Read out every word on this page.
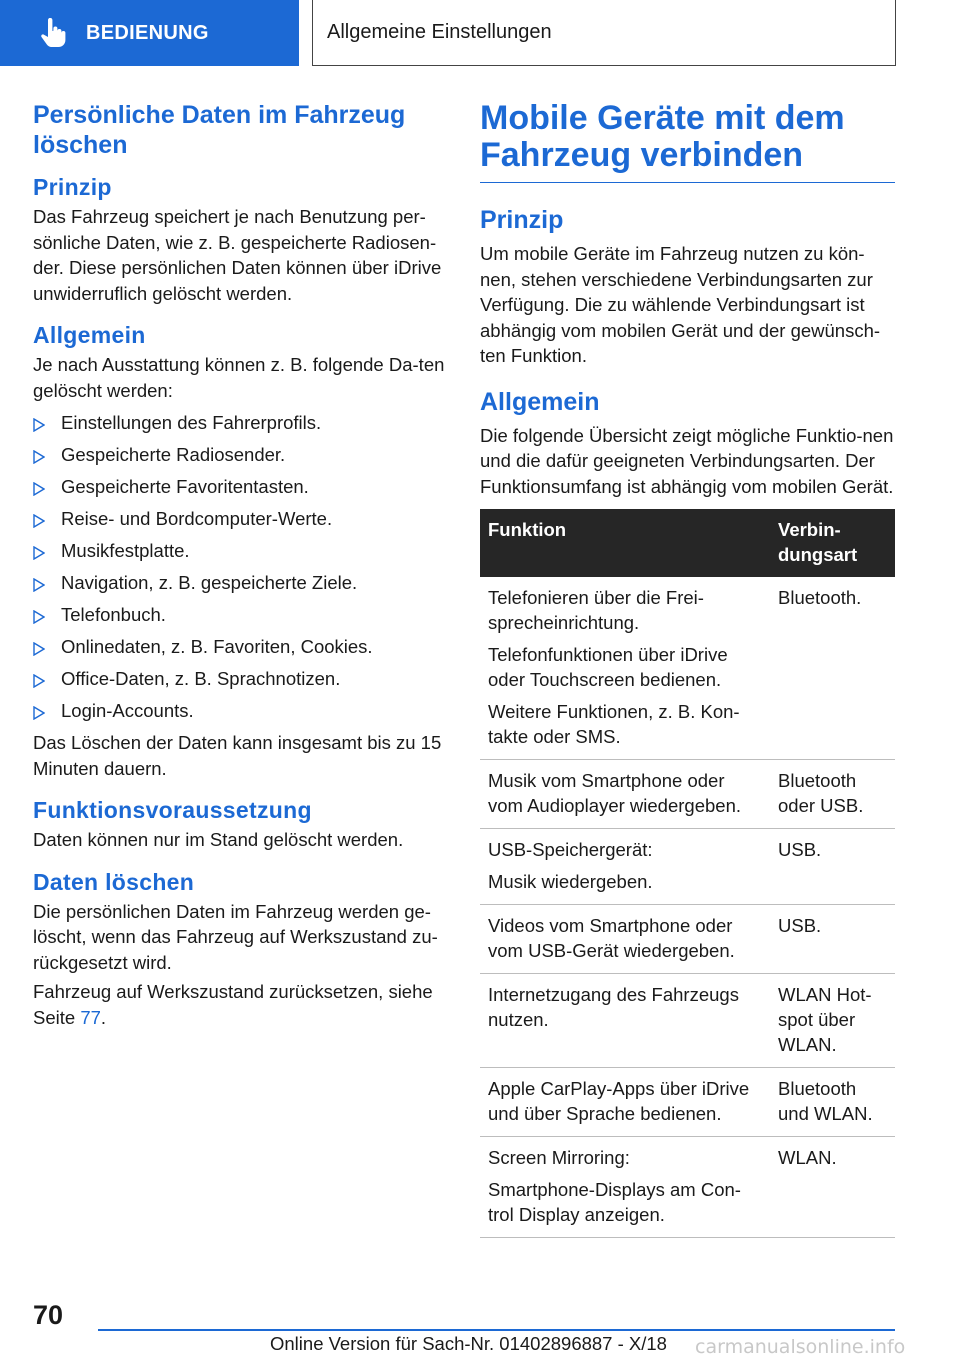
BEDIENUNG	Allgemeine Einstellungen
Persönliche Daten im Fahrzeug löschen
Prinzip

Das Fahrzeug speichert je nach Benutzung per‐sönliche Daten, wie z. B. gespeicherte Radiosen‐der. Diese persönlichen Daten können über iDrive unwiderruflich gelöscht werden.

Allgemein

Je nach Ausstattung können z. B. folgende Da‐ten gelöscht werden:

Einstellungen des Fahrerprofils.
Gespeicherte Radiosender.
Gespeicherte Favoritentasten.
Reise- und Bordcomputer-Werte.
Musikfestplatte.
Navigation, z. B. gespeicherte Ziele.
Telefonbuch.
Onlinedaten, z. B. Favoriten, Cookies.
Office-Daten, z. B. Sprachnotizen.
Login-Accounts.

Das Löschen der Daten kann insgesamt bis zu 15 Minuten dauern.

Funktionsvoraussetzung

Daten können nur im Stand gelöscht werden.

Daten löschen

Die persönlichen Daten im Fahrzeug werden ge‐löscht, wenn das Fahrzeug auf Werkszustand zu‐rückgesetzt wird.

Fahrzeug auf Werkszustand zurücksetzen, siehe Seite 77.

Mobile Geräte mit dem Fahrzeug verbinden
Prinzip

Um mobile Geräte im Fahrzeug nutzen zu kön‐nen, stehen verschiedene Verbindungsarten zur Verfügung. Die zu wählende Verbindungsart ist abhängig vom mobilen Gerät und der gewünsch‐ten Funktion.

Allgemein

Die folgende Übersicht zeigt mögliche Funktio‐nen und die dafür geeigneten Verbindungsarten. Der Funktionsumfang ist abhängig vom mobilen Gerät.

Funktion	Verbin‐dungsart

Telefonieren über die Frei‐sprecheinrichtung.

Telefonfunktionen über iDrive oder Touchscreen bedienen.

Weitere Funktionen, z. B. Kon‐takte oder SMS.	Bluetooth.

Musik vom Smartphone oder vom Audioplayer wiedergeben.	Bluetooth oder USB.

USB-Speichergerät:

Musik wiedergeben.	USB.

Videos vom Smartphone oder vom USB-Gerät wiedergeben.	USB.

Internetzugang des Fahrzeugs nutzen.	WLAN Hot‐spot über WLAN.

Apple CarPlay-Apps über iDrive und über Sprache bedienen.	Bluetooth und WLAN.

Screen Mirroring:

Smartphone-Displays am Con‐trol Display anzeigen.	WLAN.
70
Online Version für Sach-Nr. 01402896887 - X/18 carmanualsonline.info
